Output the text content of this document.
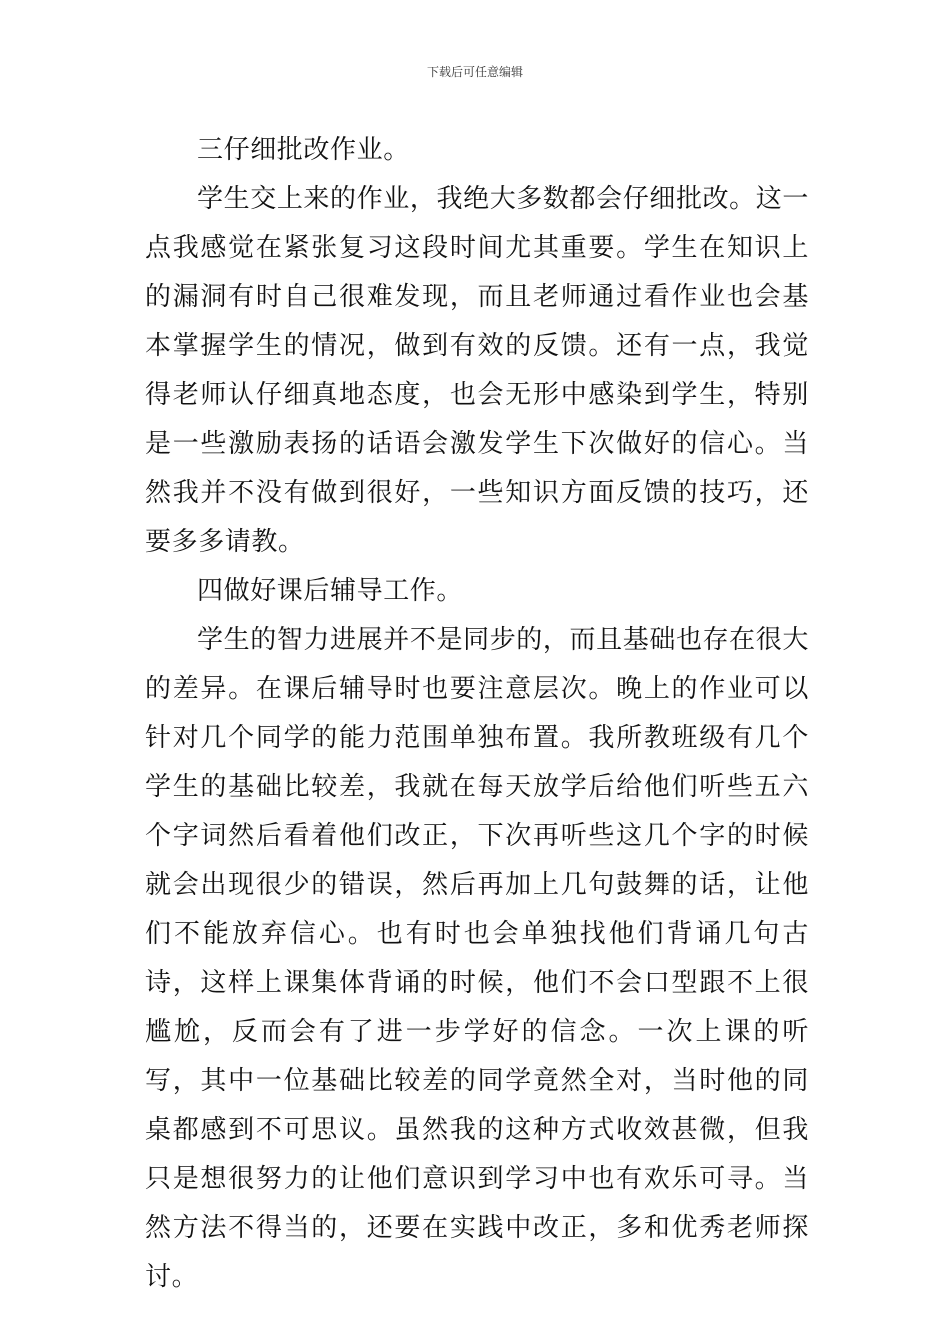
下载后可任意编辑

三仔细批改作业。

学生交上来的作业，我绝大多数都会仔细批改。这一点我感觉在紧张复习这段时间尤其重要。学生在知识上的漏洞有时自己很难发现，而且老师通过看作业也会基本掌握学生的情况，做到有效的反馈。还有一点，我觉得老师认仔细真地态度，也会无形中感染到学生，特别是一些激励表扬的话语会激发学生下次做好的信心。当然我并不没有做到很好，一些知识方面反馈的技巧，还要多多请教。

四做好课后辅导工作。

学生的智力进展并不是同步的，而且基础也存在很大的差异。在课后辅导时也要注意层次。晚上的作业可以针对几个同学的能力范围单独布置。我所教班级有几个学生的基础比较差，我就在每天放学后给他们听些五六个字词然后看着他们改正，下次再听些这几个字的时候就会出现很少的错误，然后再加上几句鼓舞的话，让他们不能放弃信心。也有时也会单独找他们背诵几句古诗，这样上课集体背诵的时候，他们不会口型跟不上很尴尬，反而会有了进一步学好的信念。一次上课的听写，其中一位基础比较差的同学竟然全对，当时他的同桌都感到不可思议。虽然我的这种方式收效甚微，但我只是想很努力的让他们意识到学习中也有欢乐可寻。当然方法不得当的，还要在实践中改正，多和优秀老师探讨。
